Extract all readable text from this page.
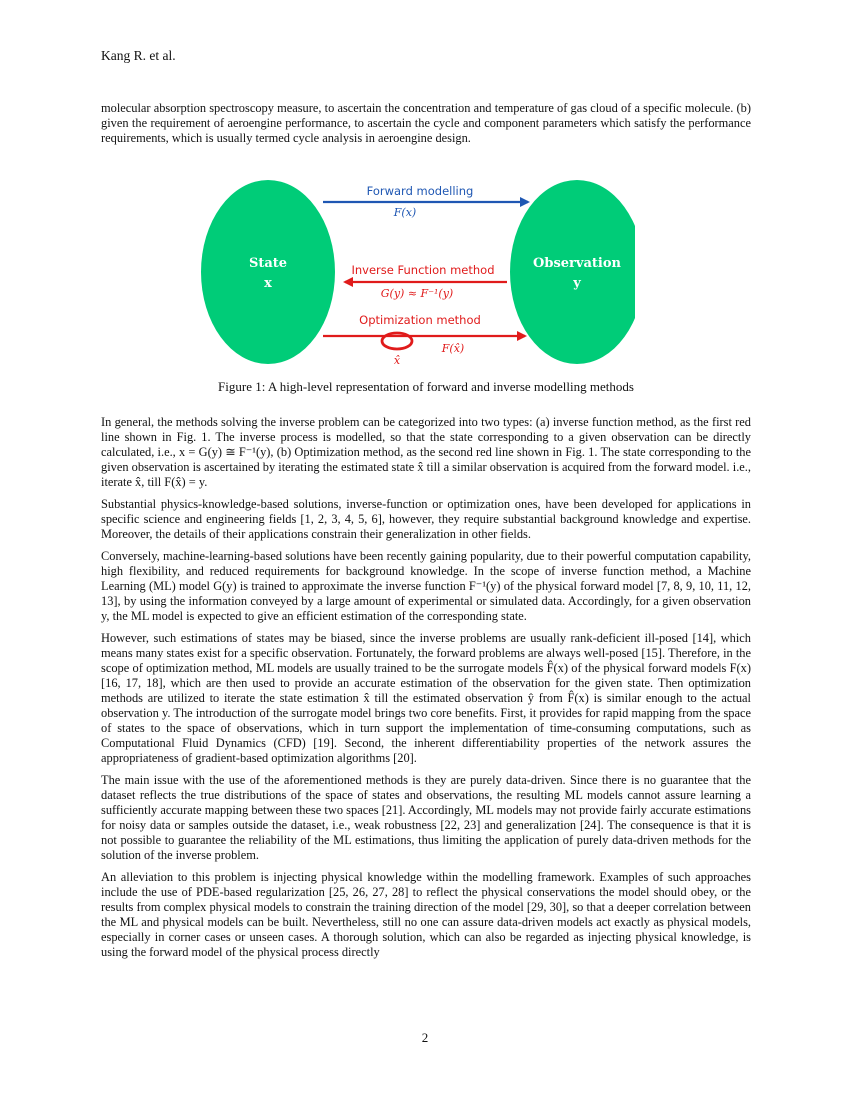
Kang R. et al.

molecular absorption spectroscopy measure, to ascertain the concentration and temperature of gas cloud of a specific molecule. (b) given the requirement of aeroengine performance, to ascertain the cycle and component parameters which satisfy the performance requirements, which is usually termed cycle analysis in aeroengine design.

State
x
Observation
y
Forward modelling
F(x)
Inverse Function method
G(y) ≈ F⁻¹(y)
Optimization method
F(x̂)
x̂
Figure 1: A high-level representation of forward and inverse modelling methods

In general, the methods solving the inverse problem can be categorized into two types: (a) inverse function method, as the first red line shown in Fig. 1. The inverse process is modelled, so that the state corresponding to a given observation can be directly calculated, i.e., x = G(y) ≅ F⁻¹(y), (b) Optimization method, as the second red line shown in Fig. 1. The state corresponding to the given observation is ascertained by iterating the estimated state x̂ till a similar observation is acquired from the forward model. i.e., iterate x̂, till F(x̂) = y.

Substantial physics-knowledge-based solutions, inverse-function or optimization ones, have been developed for applications in specific science and engineering fields [1, 2, 3, 4, 5, 6], however, they require substantial background knowledge and expertise. Moreover, the details of their applications constrain their generalization in other fields.

Conversely, machine-learning-based solutions have been recently gaining popularity, due to their powerful computation capability, high flexibility, and reduced requirements for background knowledge. In the scope of inverse function method, a Machine Learning (ML) model G(y) is trained to approximate the inverse function F⁻¹(y) of the physical forward model [7, 8, 9, 10, 11, 12, 13], by using the information conveyed by a large amount of experimental or simulated data. Accordingly, for a given observation y, the ML model is expected to give an efficient estimation of the corresponding state.

However, such estimations of states may be biased, since the inverse problems are usually rank-deficient ill-posed [14], which means many states exist for a specific observation. Fortunately, the forward problems are always well-posed [15]. Therefore, in the scope of optimization method, ML models are usually trained to be the surrogate models F̂(x) of the physical forward models F(x) [16, 17, 18], which are then used to provide an accurate estimation of the observation for the given state. Then optimization methods are utilized to iterate the state estimation x̂ till the estimated observation ŷ from F̂(x) is similar enough to the actual observation y. The introduction of the surrogate model brings two core benefits. First, it provides for rapid mapping from the space of states to the space of observations, which in turn support the implementation of time-consuming computations, such as Computational Fluid Dynamics (CFD) [19]. Second, the inherent differentiability properties of the network assures the appropriateness of gradient-based optimization algorithms [20].

The main issue with the use of the aforementioned methods is they are purely data-driven. Since there is no guarantee that the dataset reflects the true distributions of the space of states and observations, the resulting ML models cannot assure learning a sufficiently accurate mapping between these two spaces [21]. Accordingly, ML models may not provide fairly accurate estimations for noisy data or samples outside the dataset, i.e., weak robustness [22, 23] and generalization [24]. The consequence is that it is not possible to guarantee the reliability of the ML estimations, thus limiting the application of purely data-driven methods for the solution of the inverse problem.

An alleviation to this problem is injecting physical knowledge within the modelling framework. Examples of such approaches include the use of PDE-based regularization [25, 26, 27, 28] to reflect the physical conservations the model should obey, or the results from complex physical models to constrain the training direction of the model [29, 30], so that a deeper correlation between the ML and physical models can be built. Nevertheless, still no one can assure data-driven models act exactly as physical models, especially in corner cases or unseen cases. A thorough solution, which can also be regarded as injecting physical knowledge, is using the forward model of the physical process directly

2
